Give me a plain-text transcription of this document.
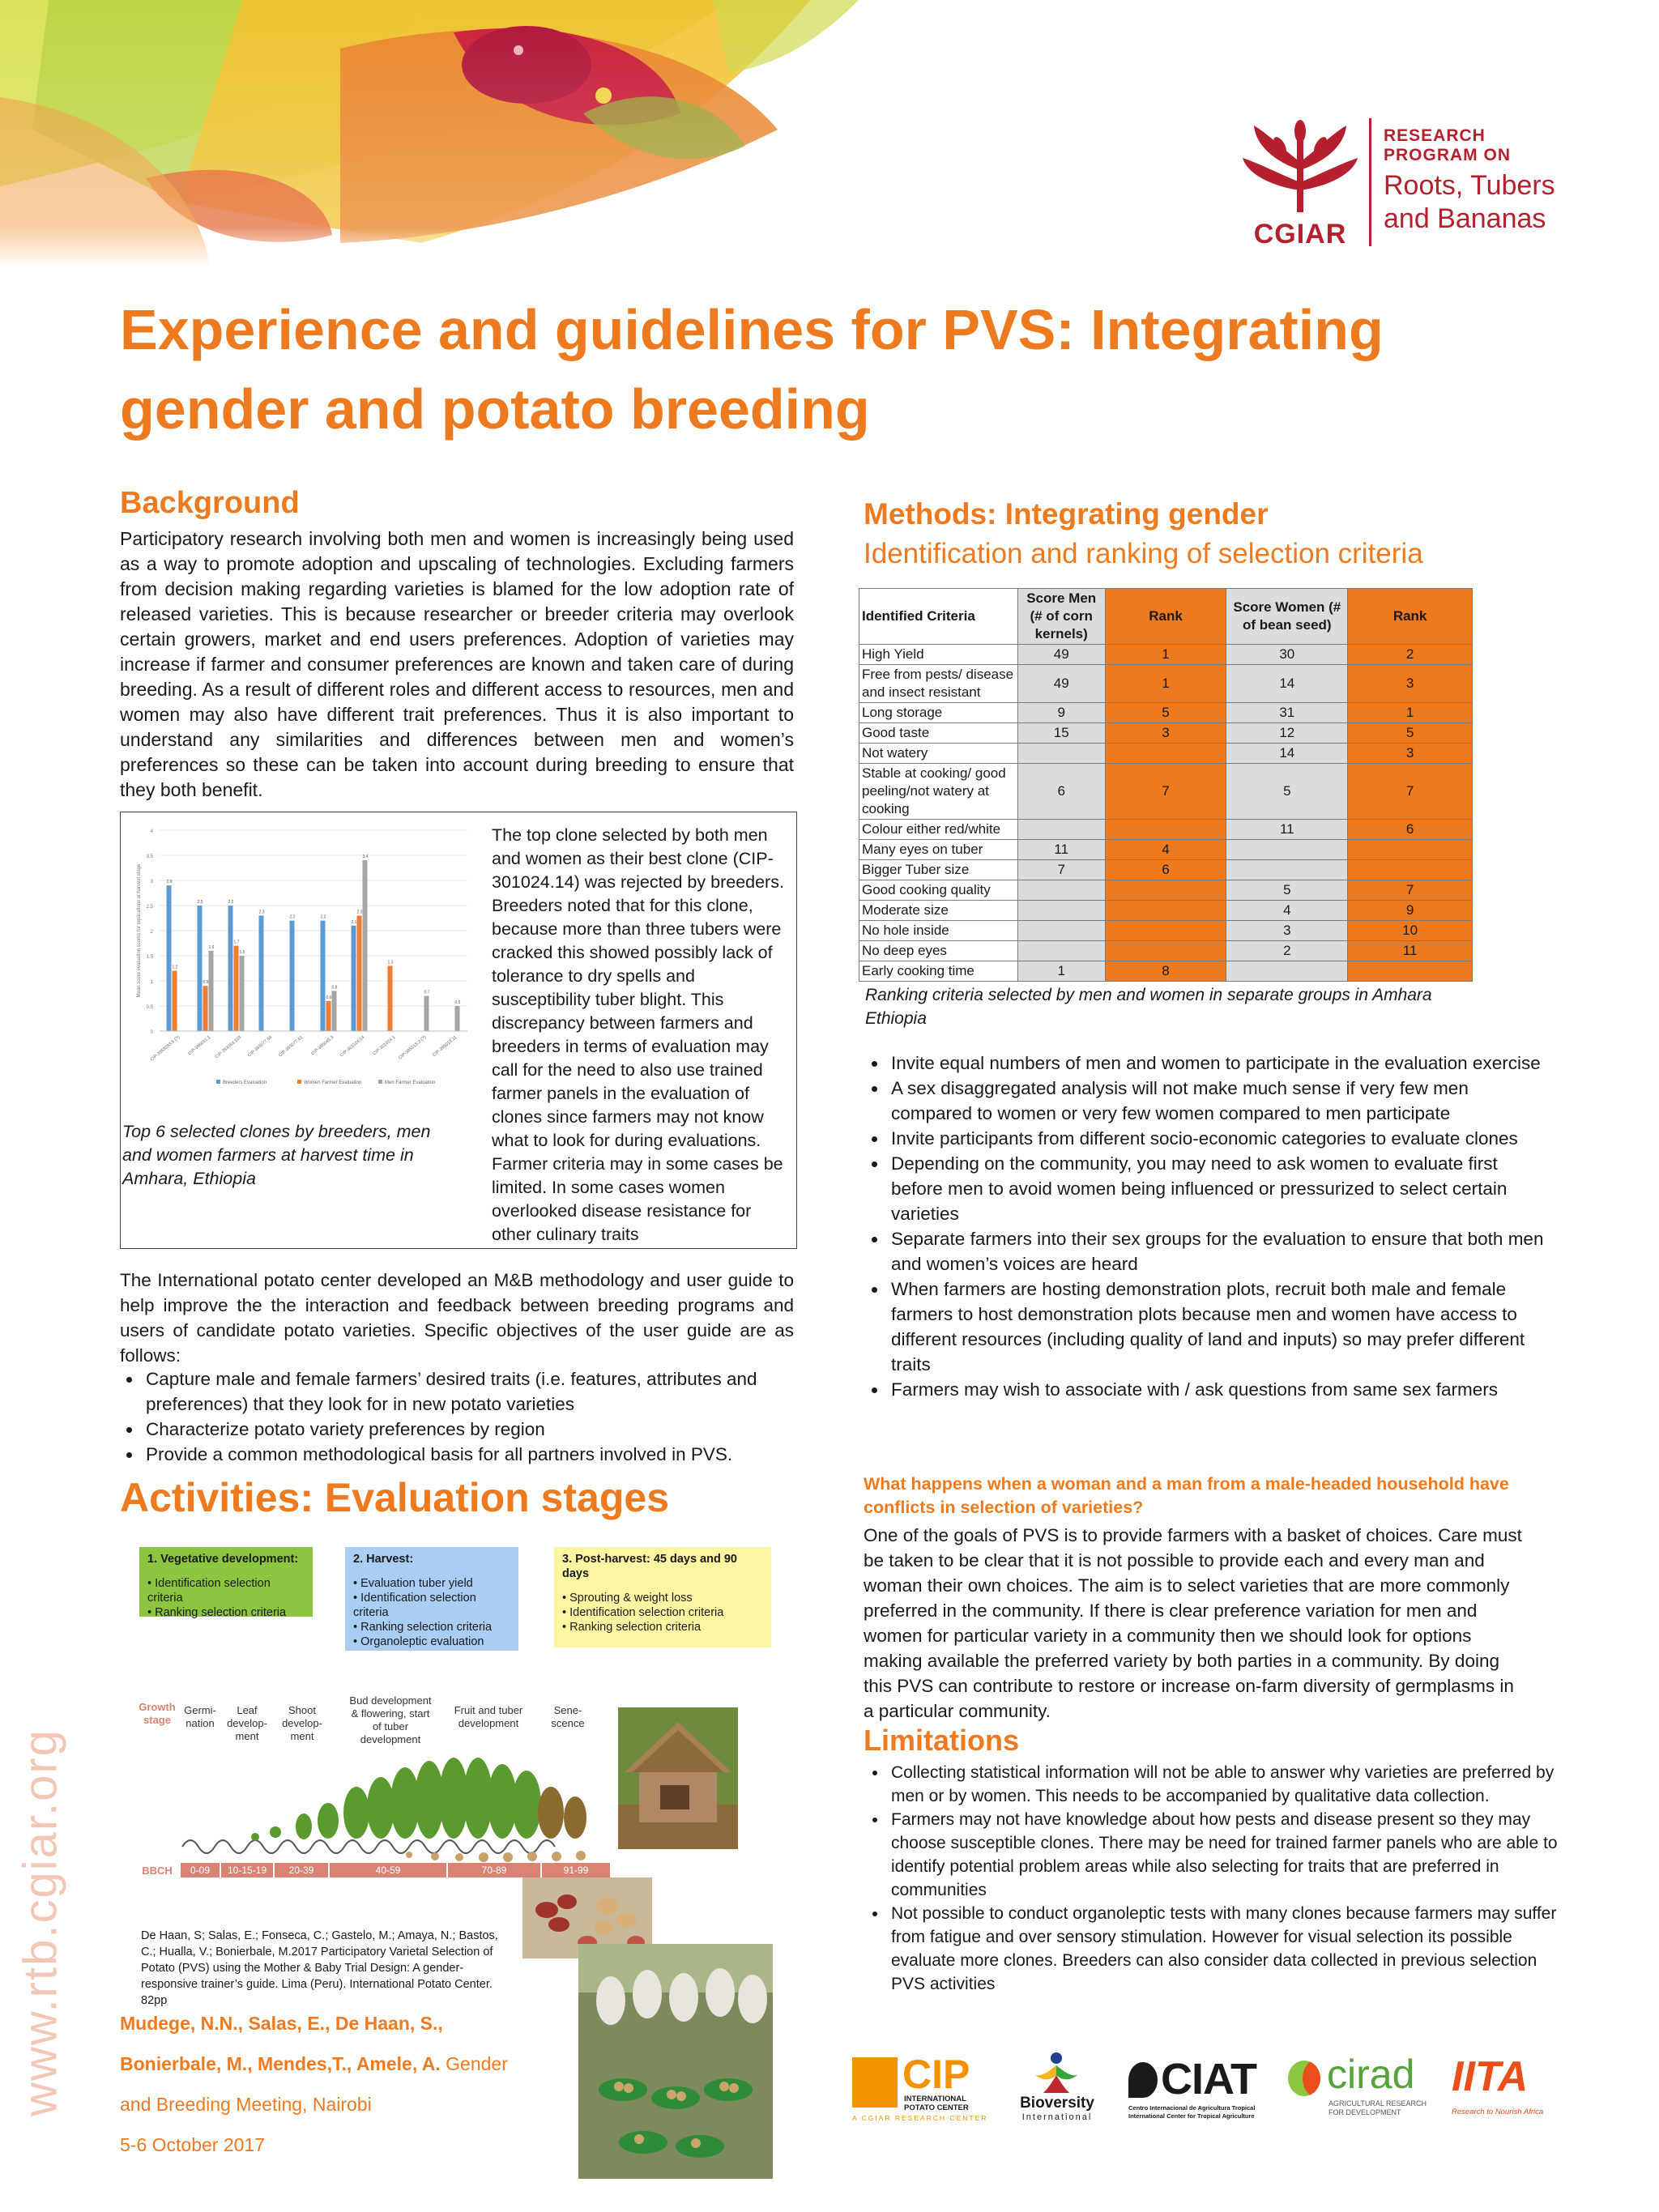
CGIAR
RESEARCH
PROGRAM ON
Roots, Tubers
and Bananas
Experience and guidelines for PVS: Integrating
gender and potato breeding
www.rtb.cgiar.org
Background

Participatory research involving both men and women is increasingly being used as a way to promote adoption and upscaling of technologies. Excluding farmers from decision making regarding varieties is blamed for the low adoption rate of released varieties. This is because researcher or breeder criteria may overlook certain growers, market and end users preferences. Adoption of varieties may increase if farmer and consumer preferences are known and taken care of during breeding. As a result of different roles and different access to resources, men and women may also have different trait preferences. Thus it is also important to understand any similarities and differences between men and women’s preferences so these can be taken into account during breeding to ensure that they both benefit.

0
0.5
1
1.5
2
2.5
3
3.5
4
Mean score evaluation scores for replications at harvest stage	2.9
2.5	2.5
2.3
2.2	2.2
2.1
1.2
0.9
1.7
0.6
2.3
1.3
1.6
1.5
0.8
3.4
0.7
0.5
CIP-3953083.5 (?) CIP-396031.1 CIP-393063.103 CIP-393077.54 CIP-393077.61 CIP-395045.3 CIP-301024.14 CIP-301024.1 CIP-395015.3 (?) CIP-395015.11
Breeders Evaluation	Women Farmer Evaluation	Men Farmer Evaluation

Top 6 selected clones by breeders, men and women farmers at harvest time in Amhara, Ethiopia

The top clone selected by both men and women as their best clone (CIP-301024.14) was rejected by breeders. Breeders noted that for this clone, because more than three tubers were cracked this showed possibly lack of tolerance to dry spells and susceptibility tuber blight. This discrepancy between farmers and breeders in terms of evaluation may call for the need to also use trained farmer panels in the evaluation of clones since farmers may not know what to look for during evaluations. Farmer criteria may in some cases be limited. In some cases women overlooked disease resistance for other culinary traits

The International potato center developed an M&B methodology and user guide to help improve the the interaction and feedback between breeding programs and users of candidate potato varieties. Specific objectives of the user guide are as follows:

• Capture male and female farmers’ desired traits (i.e. features, attributes and preferences) that they look for in new potato varieties
• Characterize potato variety preferences by region
• Provide a common methodological basis for all partners involved in PVS.
Activities: Evaluation stages
1. Vegetative development:
• Identification selection criteria
• Ranking selection criteria
2. Harvest:
• Evaluation tuber yield
• Identification selection criteria
• Ranking selection criteria
• Organoleptic evaluation
3. Post-harvest: 45 days and 90 days
• Sprouting & weight loss
• Identification selection criteria
• Ranking selection criteria
Growth stage
Germi-nation
Leaf develop-ment
Shoot develop-ment
Bud development & flowering, start of tuber development
Fruit and tuber development
Sene-scence
BBCH	0-09	10-15-19	20-39	40-59	70-89	91-99

De Haan, S; Salas, E.; Fonseca, C.; Gastelo, M.; Amaya, N.; Bastos, C.; Hualla, V.; Bonierbale, M.2017 Participatory Varietal Selection of Potato (PVS) using the Mother & Baby Trial Design: A gender-responsive trainer’s guide. Lima (Peru). International Potato Center. 82pp

Mudege, N.N., Salas, E., De Haan, S.,
Bonierbale, M., Mendes,T., Amele, A. Gender
and Breeding Meeting, Nairobi
5-6 October 2017
Methods: Integrating gender
Identification and ranking of selection criteria
Identified Criteria	Score Men (# of corn kernels)	Rank	Score Women (# of bean seed)	Rank
High Yield	49	1	30	2
Free from pests/ disease and insect resistant	49	1	14	3
Long storage	9	5	31	1
Good taste	15	3	12	5
Not watery			14	3
Stable at cooking/ good peeling/not watery at cooking	6	7	5	7
Colour either red/white			11	6
Many eyes on tuber	11	4		
Bigger Tuber size	7	6		
Good cooking quality			5	7
Moderate size			4	9
No hole inside			3	10
No deep eyes			2	11
Early cooking time	1	8		

Ranking criteria selected by men and women in separate groups in Amhara Ethiopia

• Invite equal numbers of men and women to participate in the evaluation exercise
• A sex disaggregated analysis will not make much sense if very few men compared to women or very few women compared to men participate
• Invite participants from different socio-economic categories to evaluate clones
• Depending on the community, you may need to ask women to evaluate first before men to avoid women being influenced or pressurized to select certain varieties
• Separate farmers into their sex groups for the evaluation to ensure that both men and women’s voices are heard
• When farmers are hosting demonstration plots, recruit both male and female farmers to host demonstration plots because men and women have access to different resources (including quality of land and inputs) so may prefer different traits
• Farmers may wish to associate with / ask questions from same sex farmers

What happens when a woman and a man from a male-headed household have conflicts in selection of varieties?

One of the goals of PVS is to provide farmers with a basket of choices. Care must be taken to be clear that it is not possible to provide each and every man and woman their own choices. The aim is to select varieties that are more commonly preferred in the community. If there is clear preference variation for men and women for particular variety in a community then we should look for options making available the preferred variety by both parties in a community. By doing this PVS can contribute to restore or increase on-farm diversity of germplasms in a particular community.

Limitations
• Collecting statistical information will not be able to answer why varieties are preferred by men or by women. This needs to be accompanied by qualitative data collection.
• Farmers may not have knowledge about how pests and disease present so they may choose susceptible clones. There may be need for trained farmer panels who are able to identify potential problem areas while also selecting for traits that are preferred in communities
• Not possible to conduct organoleptic tests with many clones because farmers may suffer from fatigue and over sensory stimulation. However for visual selection its possible evaluate more clones. Breeders can also consider data collected in previous selection PVS activities
CIP
INTERNATIONAL
POTATO CENTER
A CGIAR RESEARCH CENTER
Bioversity
International
CIAT
Centro Internacional de Agricultura Tropical
International Center for Tropical Agriculture
cirad
AGRICULTURAL RESEARCH
FOR DEVELOPMENT
IITA
Research to Nourish Africa
